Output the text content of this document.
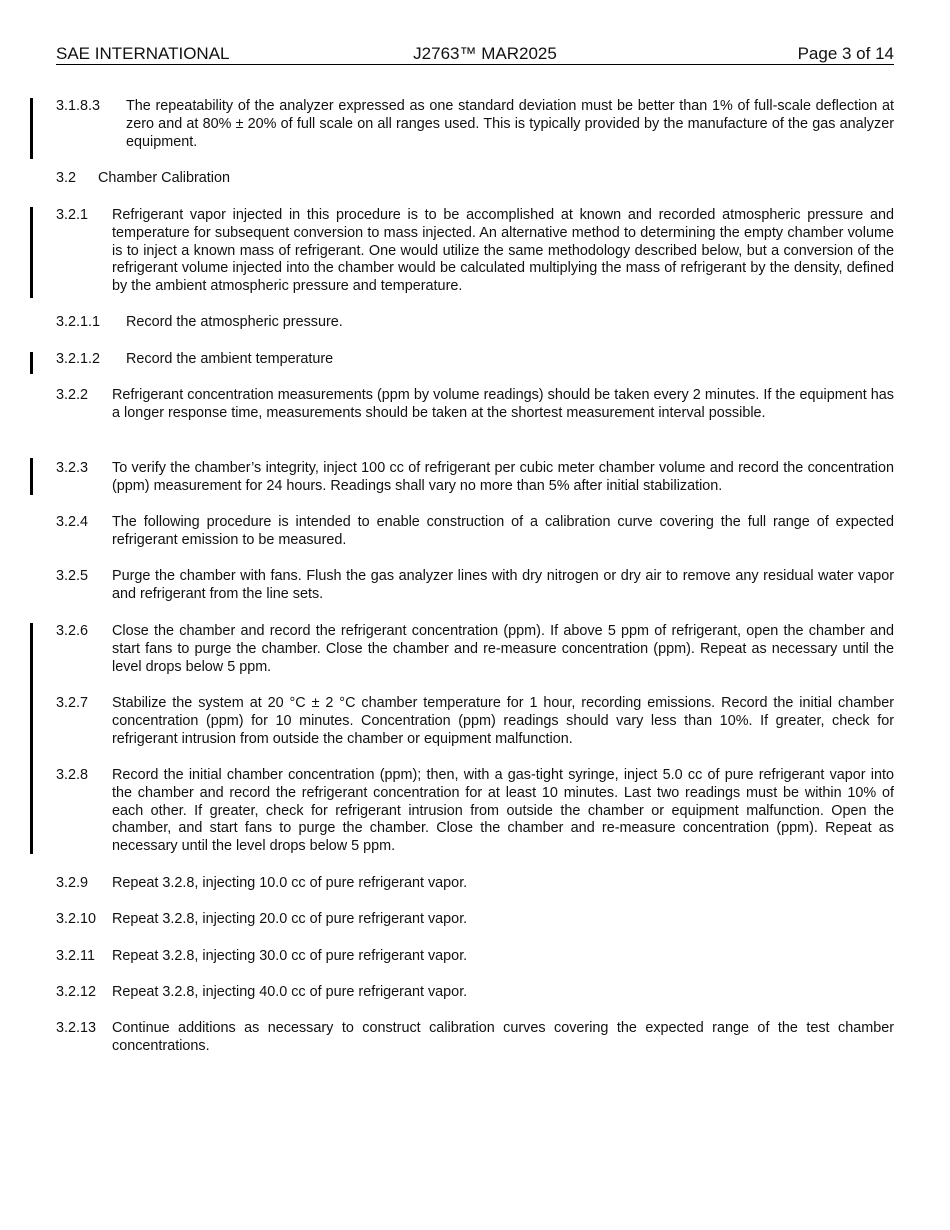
SAE INTERNATIONAL	J2763™ MAR2025	Page 3 of 14
3.1.8.3 The repeatability of the analyzer expressed as one standard deviation must be better than 1% of full-scale deflection at zero and at 80% ± 20% of full scale on all ranges used. This is typically provided by the manufacture of the gas analyzer equipment.
3.2 Chamber Calibration
3.2.1 Refrigerant vapor injected in this procedure is to be accomplished at known and recorded atmospheric pressure and temperature for subsequent conversion to mass injected. An alternative method to determining the empty chamber volume is to inject a known mass of refrigerant. One would utilize the same methodology described below, but a conversion of the refrigerant volume injected into the chamber would be calculated multiplying the mass of refrigerant by the density, defined by the ambient atmospheric pressure and temperature.
3.2.1.1 Record the atmospheric pressure.
3.2.1.2 Record the ambient temperature
3.2.2 Refrigerant concentration measurements (ppm by volume readings) should be taken every 2 minutes. If the equipment has a longer response time, measurements should be taken at the shortest measurement interval possible.
3.2.3 To verify the chamber’s integrity, inject 100 cc of refrigerant per cubic meter chamber volume and record the concentration (ppm) measurement for 24 hours. Readings shall vary no more than 5% after initial stabilization.
3.2.4 The following procedure is intended to enable construction of a calibration curve covering the full range of expected refrigerant emission to be measured.
3.2.5 Purge the chamber with fans. Flush the gas analyzer lines with dry nitrogen or dry air to remove any residual water vapor and refrigerant from the line sets.
3.2.6 Close the chamber and record the refrigerant concentration (ppm). If above 5 ppm of refrigerant, open the chamber and start fans to purge the chamber. Close the chamber and re-measure concentration (ppm). Repeat as necessary until the level drops below 5 ppm.
3.2.7 Stabilize the system at 20 °C ± 2 °C chamber temperature for 1 hour, recording emissions. Record the initial chamber concentration (ppm) for 10 minutes. Concentration (ppm) readings should vary less than 10%. If greater, check for refrigerant intrusion from outside the chamber or equipment malfunction.
3.2.8 Record the initial chamber concentration (ppm); then, with a gas-tight syringe, inject 5.0 cc of pure refrigerant vapor into the chamber and record the refrigerant concentration for at least 10 minutes. Last two readings must be within 10% of each other. If greater, check for refrigerant intrusion from outside the chamber or equipment malfunction. Open the chamber, and start fans to purge the chamber. Close the chamber and re-measure concentration (ppm). Repeat as necessary until the level drops below 5 ppm.
3.2.9 Repeat 3.2.8, injecting 10.0 cc of pure refrigerant vapor.
3.2.10 Repeat 3.2.8, injecting 20.0 cc of pure refrigerant vapor.
3.2.11 Repeat 3.2.8, injecting 30.0 cc of pure refrigerant vapor.
3.2.12 Repeat 3.2.8, injecting 40.0 cc of pure refrigerant vapor.
3.2.13 Continue additions as necessary to construct calibration curves covering the expected range of the test chamber concentrations.
